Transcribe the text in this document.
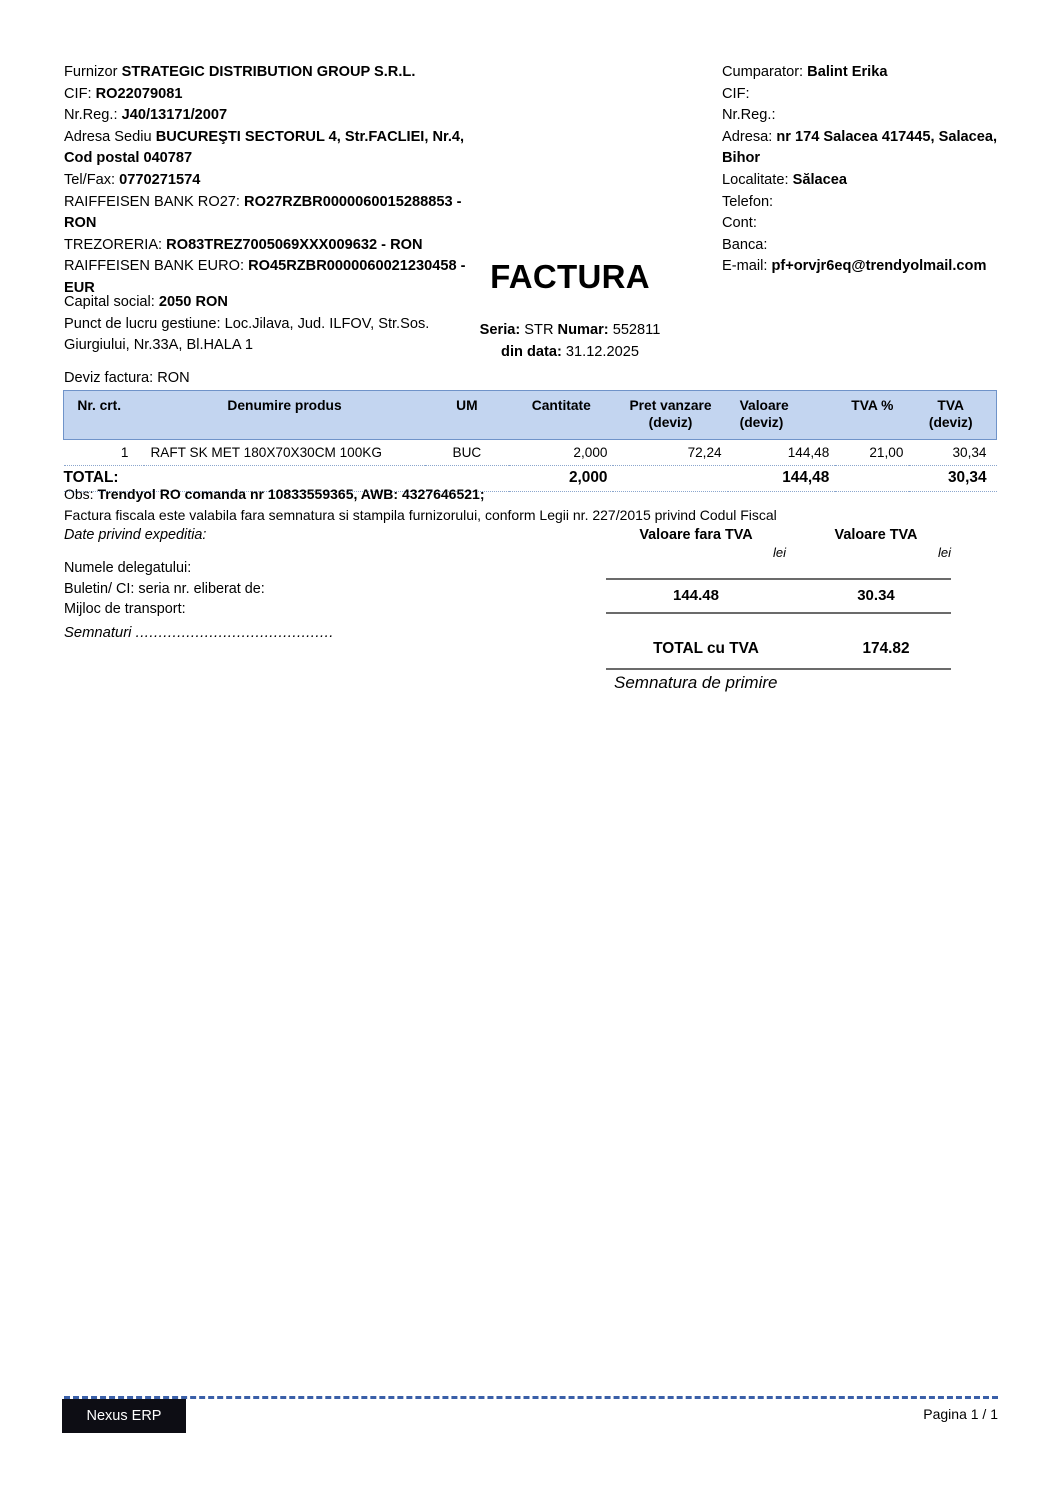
Furnizor STRATEGIC DISTRIBUTION GROUP S.R.L.
CIF: RO22079081
Nr.Reg.: J40/13171/2007
Adresa Sediu BUCUREŞTI SECTORUL 4, Str.FACLIEI, Nr.4,
Cod postal 040787
Tel/Fax: 0770271574
RAIFFEISEN BANK RO27: RO27RZBR0000060015288853 -
RON
TREZORERIA: RO83TREZ7005069XXX009632 - RON
RAIFFEISEN BANK EURO: RO45RZBR0000060021230458 -
EUR
Capital social: 2050 RON
Punct de lucru gestiune: Loc.Jilava, Jud. ILFOV, Str.Sos.
Giurgiului, Nr.33A, Bl.HALA 1
Deviz factura: RON
Cumparator: Balint Erika
CIF:
Nr.Reg.:
Adresa: nr 174 Salacea 417445, Salacea,
Bihor
Localitate: Sălacea
Telefon:
Cont:
Banca:
E-mail: pf+orvjr6eq@trendyolmail.com
FACTURA
Seria: STR Numar: 552811
din data: 31.12.2025
Nr. crt.	Denumire produs	UM	Cantitate	Pret vanzare
(deviz)	Valoare
(deviz)	TVA %	TVA
(deviz)
1	RAFT SK MET 180X70X30CM 100KG	BUC	2,000	72,24	144,48	21,00	30,34
TOTAL:			2,000		144,48		30,34
Obs: Trendyol RO comanda nr 10833559365, AWB: 4327646521;
Factura fiscala este valabila fara semnatura si stampila furnizorului, conform Legii nr. 227/2015 privind Codul Fiscal
Date privind expeditia:
Numele delegatului:
Buletin/ CI: seria nr. eliberat de:
Mijloc de transport:
Semnaturi ...........................................
Valoare fara TVA	Valoare TVA
lei	lei
144.48	30.34
TOTAL cu TVA	174.82
Semnatura de primire
Nexus ERP	Pagina 1 / 1
